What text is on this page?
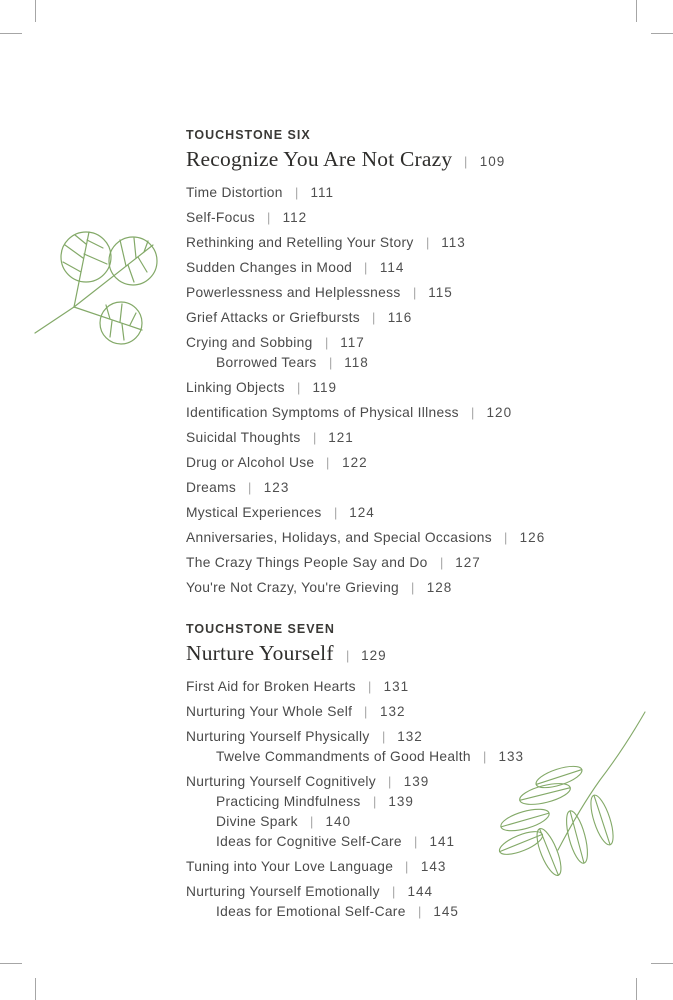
TOUCHSTONE SIX
Recognize You Are Not Crazy | 109
Time Distortion | 111
Self-Focus | 112
Rethinking and Retelling Your Story | 113
Sudden Changes in Mood | 114
Powerlessness and Helplessness | 115
Grief Attacks or Griefbursts | 116
Crying and Sobbing | 117
Borrowed Tears | 118
Linking Objects | 119
Identification Symptoms of Physical Illness | 120
Suicidal Thoughts | 121
Drug or Alcohol Use | 122
Dreams | 123
Mystical Experiences | 124
Anniversaries, Holidays, and Special Occasions | 126
The Crazy Things People Say and Do | 127
You're Not Crazy, You're Grieving | 128
TOUCHSTONE SEVEN
Nurture Yourself | 129
First Aid for Broken Hearts | 131
Nurturing Your Whole Self | 132
Nurturing Yourself Physically | 132
Twelve Commandments of Good Health | 133
Nurturing Yourself Cognitively | 139
Practicing Mindfulness | 139
Divine Spark | 140
Ideas for Cognitive Self-Care | 141
Tuning into Your Love Language | 143
Nurturing Yourself Emotionally | 144
Ideas for Emotional Self-Care | 145
